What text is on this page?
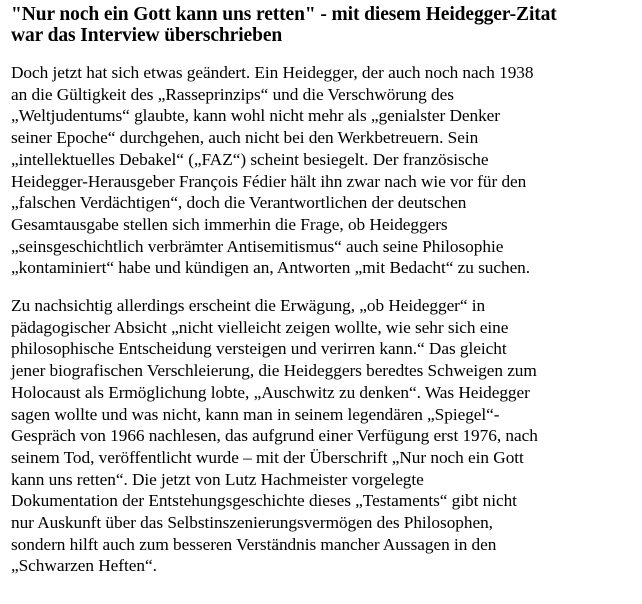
"Nur noch ein Gott kann uns retten" - mit diesem Heidegger-Zitat
war das Interview überschrieben

Doch jetzt hat sich etwas geändert. Ein Heidegger, der auch noch nach 1938
an die Gültigkeit des „Rasseprinzips“ und die Verschwörung des
„Weltjudentums“ glaubte, kann wohl nicht mehr als „genialster Denker
seiner Epoche“ durchgehen, auch nicht bei den Werkbetreuern. Sein
„intellektuelles Debakel“ („FAZ“) scheint besiegelt. Der französische
Heidegger-Herausgeber François Fédier hält ihn zwar nach wie vor für den
„falschen Verdächtigen“, doch die Verantwortlichen der deutschen
Gesamtausgabe stellen sich immerhin die Frage, ob Heideggers
„seinsgeschichtlich verbrämter Antisemitismus“ auch seine Philosophie
„kontaminiert“ habe und kündigen an, Antworten „mit Bedacht“ zu suchen.

Zu nachsichtig allerdings erscheint die Erwägung, „ob Heidegger“ in
pädagogischer Absicht „nicht vielleicht zeigen wollte, wie sehr sich eine
philosophische Entscheidung versteigen und verirren kann.“ Das gleicht
jener biografischen Verschleierung, die Heideggers beredtes Schweigen zum
Holocaust als Ermöglichung lobte, „Auschwitz zu denken“. Was Heidegger
sagen wollte und was nicht, kann man in seinem legendären „Spiegel“-
Gespräch von 1966 nachlesen, das aufgrund einer Verfügung erst 1976, nach
seinem Tod, veröffentlicht wurde – mit der Überschrift „Nur noch ein Gott
kann uns retten“. Die jetzt von Lutz Hachmeister vorgelegte
Dokumentation der Entstehungsgeschichte dieses „Testaments“ gibt nicht
nur Auskunft über das Selbstinszenierungsvermögen des Philosophen,
sondern hilft auch zum besseren Verständnis mancher Aussagen in den
„Schwarzen Heften“.
